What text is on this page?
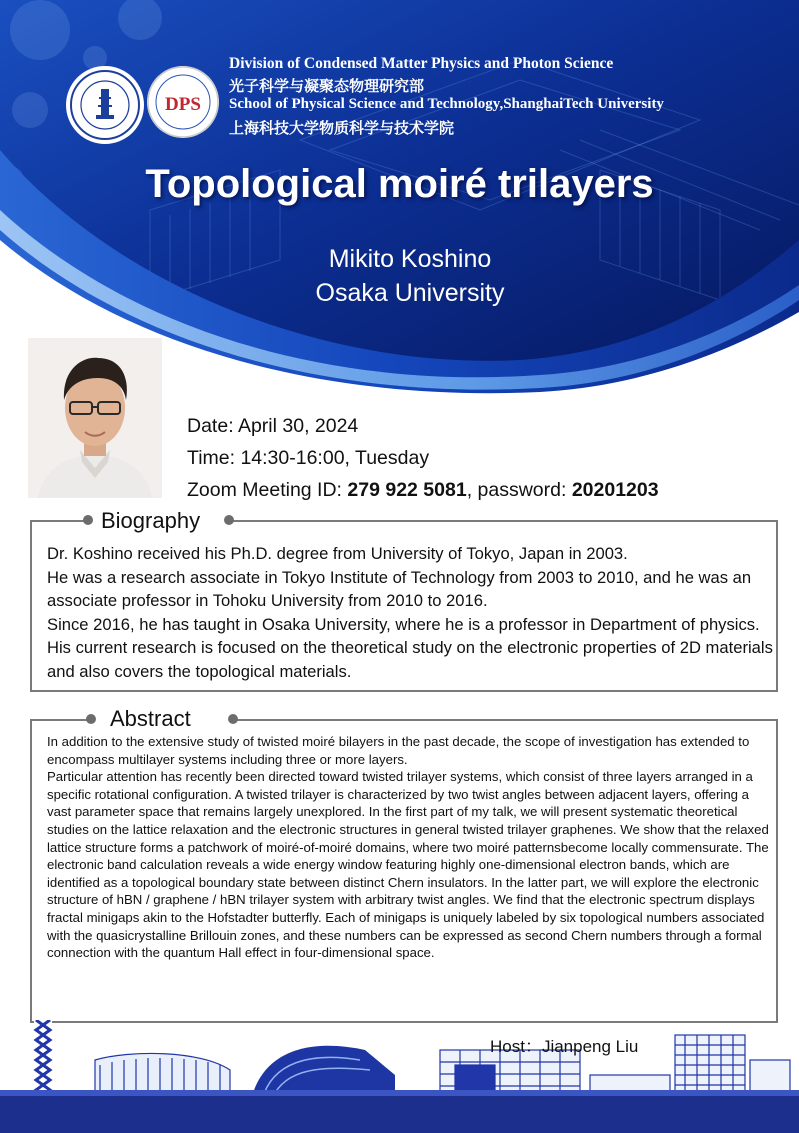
DPS
Division of Condensed Matter Physics and Photon Science
光子科学与凝聚态物理研究部
School of Physical Science and Technology,ShanghaiTech University
上海科技大学物质科学与技术学院
Topological moiré trilayers
Mikito Koshino
Osaka University
Date: April 30, 2024
Time: 14:30-16:00, Tuesday
Zoom Meeting ID: 279 922 5081, password: 20201203
Biography

Dr. Koshino received his Ph.D. degree from University of Tokyo, Japan in 2003.

He was a research associate in Tokyo Institute of Technology from 2003 to 2010, and he was an associate professor in Tohoku University from 2010 to 2016.

Since 2016, he has taught in Osaka University, where he is a professor in Department of physics. His current research is focused on the theoretical study on the electronic properties of 2D materials and also covers the topological materials.

Abstract

In addition to the extensive study of twisted moiré bilayers in the past decade, the scope of investigation has extended to encompass multilayer systems including three or more layers.

Particular attention has recently been directed toward twisted trilayer systems, which consist of three layers arranged in a specific rotational configuration. A twisted trilayer is characterized by two twist angles between adjacent layers, offering a vast parameter space that remains largely unexplored. In the first part of my talk, we will present systematic theoretical studies on the lattice relaxation and the electronic structures in general twisted trilayer graphenes. We show that the relaxed lattice structure forms a patchwork of moiré-of-moiré domains, where two moiré patternsbecome locally commensurate. The electronic band calculation reveals a wide energy window featuring highly one-dimensional electron bands, which are identified as a topological boundary state between distinct Chern insulators. In the latter part, we will explore the electronic structure of hBN / graphene / hBN trilayer system with arbitrary twist angles. We find that the electronic spectrum displays fractal minigaps akin to the Hofstadter butterfly. Each of minigaps is uniquely labeled by six topological numbers associated with the quasicrystalline Brillouin zones, and these numbers can be expressed as second Chern numbers through a formal connection with the quantum Hall effect in four-dimensional space.

Host：Jianpeng Liu
